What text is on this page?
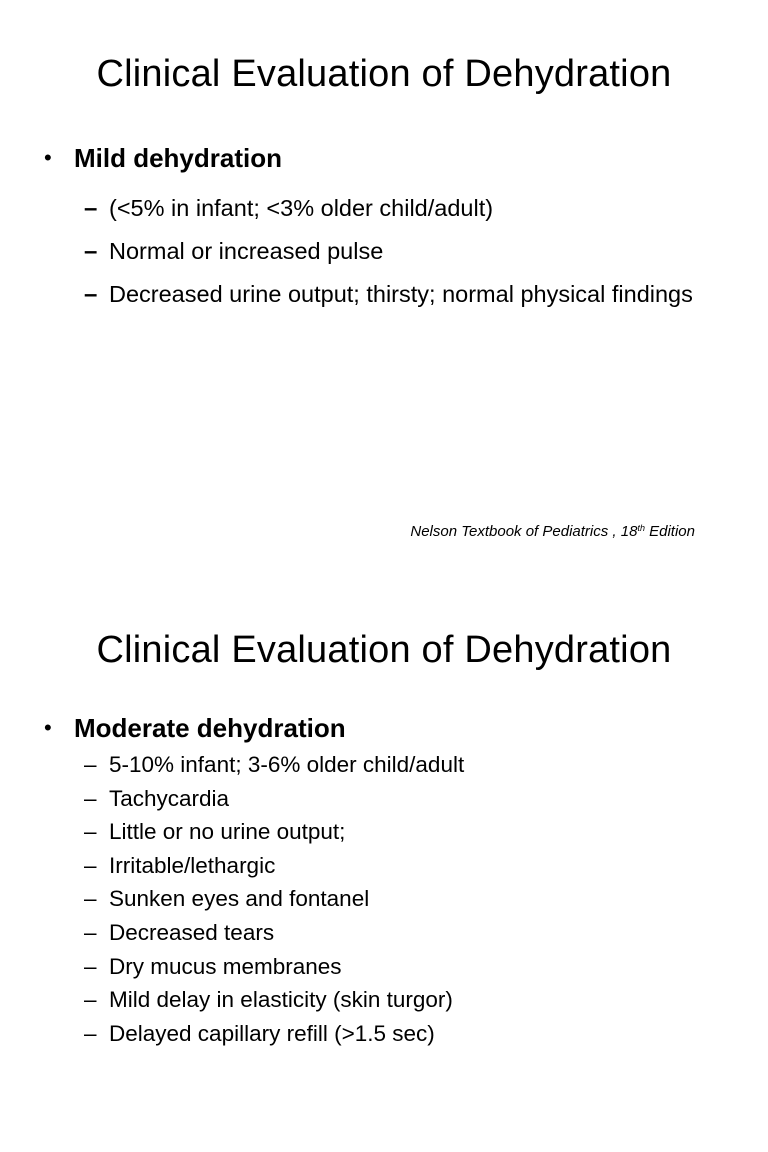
Clinical Evaluation of Dehydration
• Mild dehydration
– (<5% in infant; <3% older child/adult)
– Normal or increased pulse
– Decreased urine output; thirsty; normal physical findings
Nelson Textbook of Pediatrics , 18th Edition
Clinical Evaluation of Dehydration
• Moderate dehydration
– 5-10% infant; 3-6% older child/adult
– Tachycardia
– Little or no urine output;
– Irritable/lethargic
– Sunken eyes and fontanel
– Decreased tears
– Dry mucus membranes
– Mild delay in elasticity (skin turgor)
– Delayed capillary refill (>1.5 sec)
